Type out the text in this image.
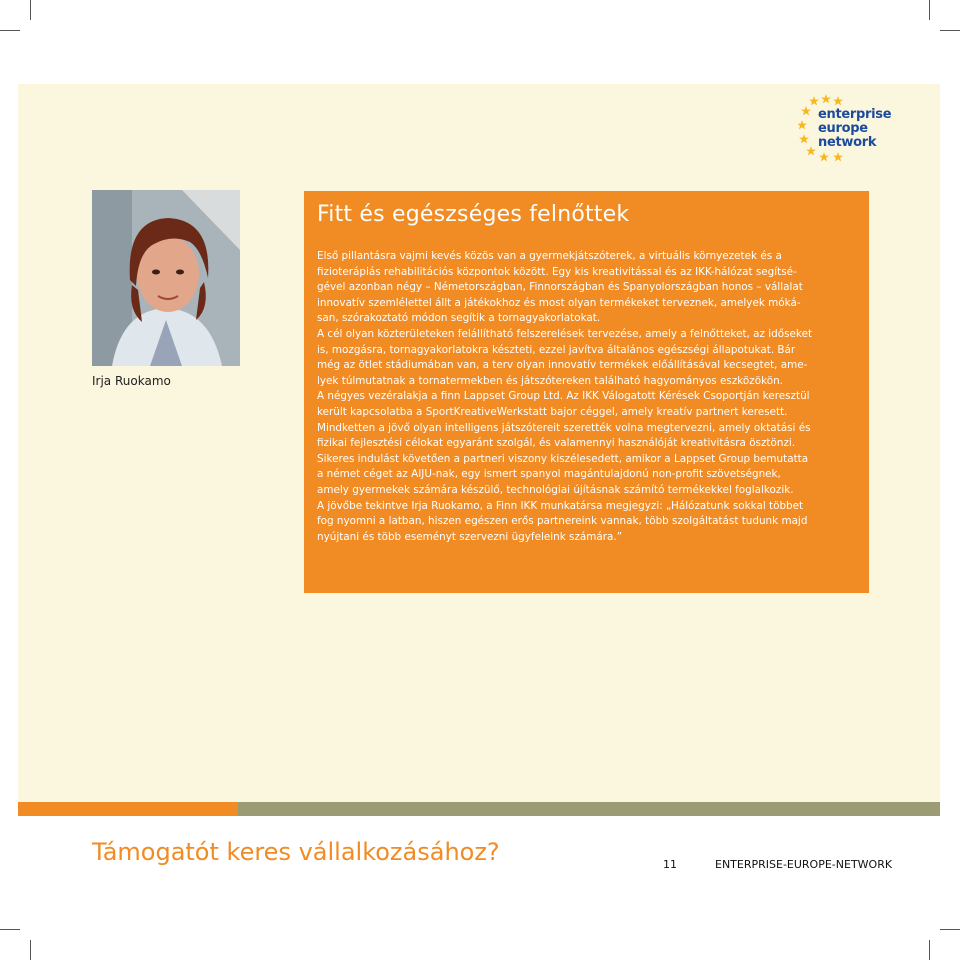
enterprise
europe
network
Irja Ruokamo
Fitt és egészséges felnőttek
Első pillantásra vajmi kevés közös van a gyermekjátszóterek, a virtuális környezetek és a
fizioterápiás rehabilitációs központok között. Egy kis kreativitással és az IKK-hálózat segítsé-
gével azonban négy – Németországban, Finnországban és Spanyolországban honos – vállalat
innovatív szemlélettel állt a játékokhoz és most olyan termékeket terveznek, amelyek móká-
san, szórakoztató módon segítik a tornagyakorlatokat.
A cél olyan közterületeken felállítható felszerelések tervezése, amely a felnőtteket, az időseket
is, mozgásra, tornagyakorlatokra készteti, ezzel javítva általános egészségi állapotukat. Bár
még az ötlet stádiumában van, a terv olyan innovatív termékek előállításával kecsegtet, ame-
lyek túlmutatnak a tornatermekben és játszótereken található hagyományos eszközökön.
A négyes vezéralakja a finn Lappset Group Ltd. Az IKK Válogatott Kérések Csoportján keresztül
került kapcsolatba a SportKreativeWerkstatt bajor céggel, amely kreatív partnert keresett.
Mindketten a jövő olyan intelligens játszótereit szerették volna megtervezni, amely oktatási és
fizikai fejlesztési célokat egyaránt szolgál, és valamennyi használóját kreativitásra ösztönzi.
Sikeres indulást követően a partneri viszony kiszélesedett, amikor a Lappset Group bemutatta
a német céget az AIJU-nak, egy ismert spanyol magántulajdonú non-profit szövetségnek,
amely gyermekek számára készülő, technológiai újításnak számító termékekkel foglalkozik.
A jövőbe tekintve Irja Ruokamo, a Finn IKK munkatársa megjegyzi: „Hálózatunk sokkal többet
fog nyomni a latban, hiszen egészen erős partnereink vannak, több szolgáltatást tudunk majd
nyújtani és több eseményt szervezni ügyfeleink számára.”
Támogatót keres vállalkozásához?	11	ENTERPRISE-EUROPE-NETWORK
